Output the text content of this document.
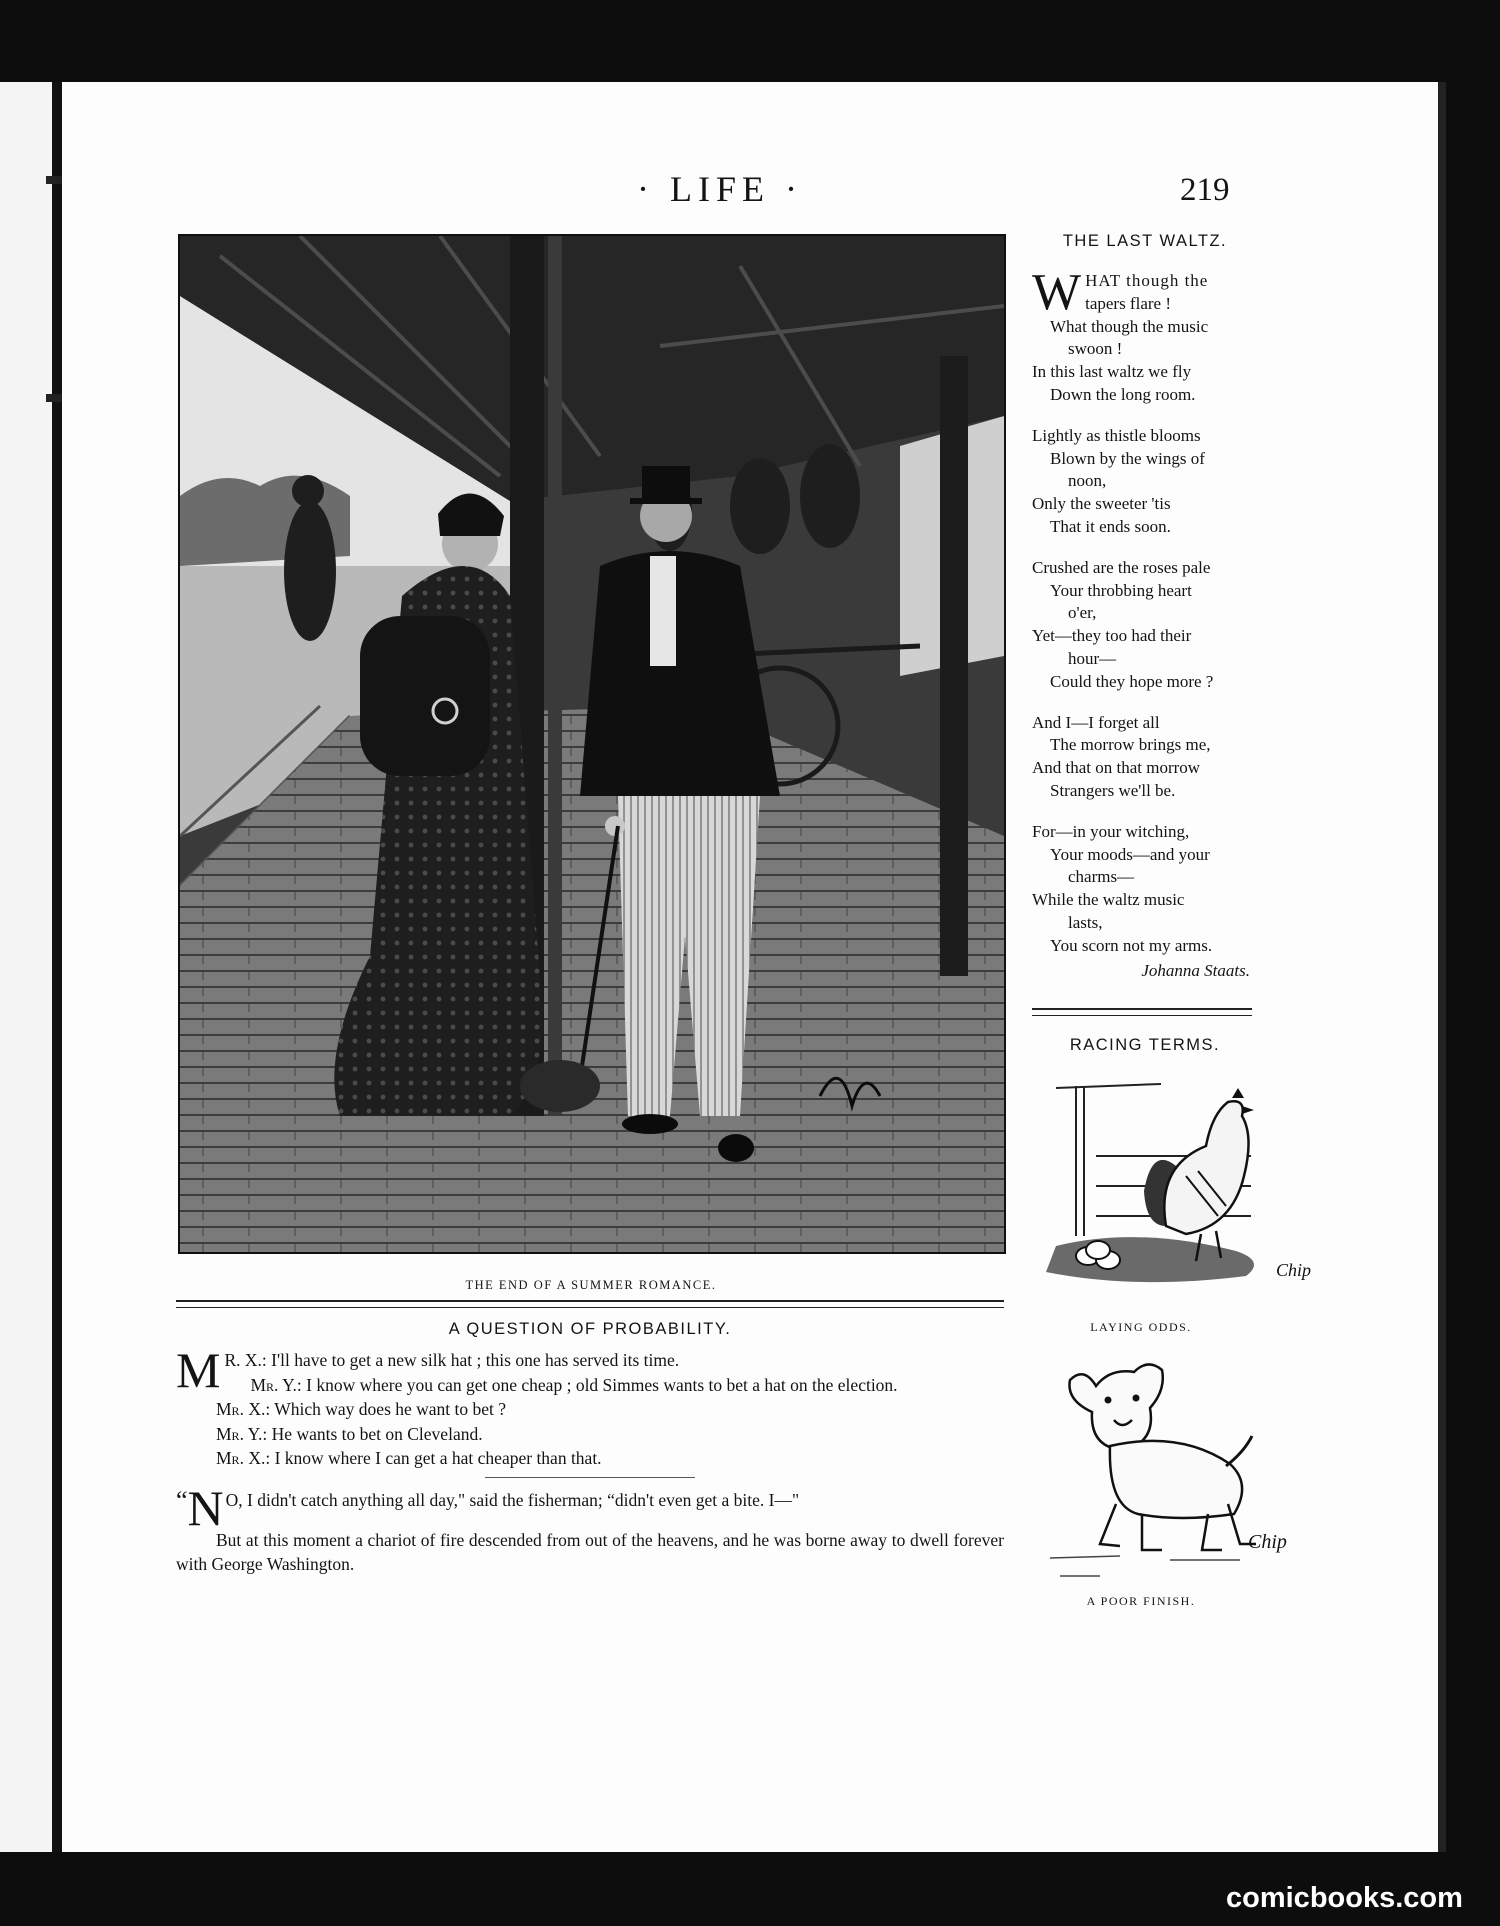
· LIFE ·	219
THE END OF A SUMMER ROMANCE.
THE LAST WALTZ.
W HAT though the
tapers flare !
What though the music
swoon !
In this last waltz we fly
Down the long room.
Lightly as thistle blooms
Blown by the wings of
noon,
Only the sweeter 'tis
That it ends soon.
Crushed are the roses pale
Your throbbing heart
o'er,
Yet—they too had their
hour—
Could they hope more ?
And I—I forget all
The morrow brings me,
And that on that morrow
Strangers we'll be.
For—in your witching,
Your moods—and your
charms—
While the waltz music
lasts,
You scorn not my arms.
Johanna Staats.
RACING TERMS.
Chip
LAYING ODDS.
Chip
A POOR FINISH.
A QUESTION OF PROBABILITY.

M R. X.: I'll have to get a new silk hat ; this one has served its time.

Mr. Y.: I know where you can get one cheap ; old Simmes wants to bet a hat on the election.

Mr. X.: Which way does he want to bet ?

Mr. Y.: He wants to bet on Cleveland.

Mr. X.: I know where I can get a hat cheaper than that.

“ N O, I didn't catch anything all day," said the fisherman; “didn't even get a bite. I—"

But at this moment a chariot of fire descended from out of the heavens, and he was borne away to dwell forever with George Washington.

comicbooks.com
